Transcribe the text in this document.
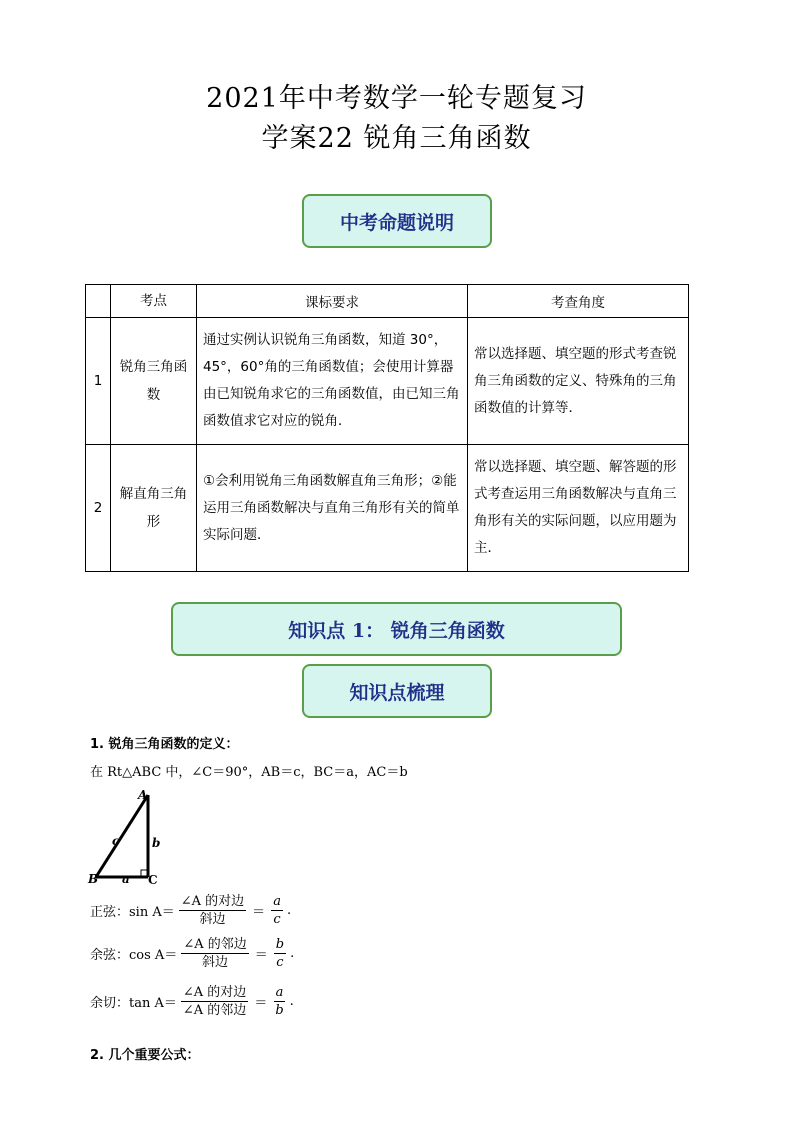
2021年中考数学一轮专题复习
学案22 锐角三角函数
中考命题说明
	考点	课标要求	考查角度
1	锐角三角函数	通过实例认识锐角三角函数，知道 30°，45°，60°角的三角函数值；会使用计算器由已知锐角求它的三角函数值，由已知三角函数值求它对应的锐角．	常以选择题、填空题的形式考查锐角三角函数的定义、特殊角的三角函数值的计算等．
2	解直角三角形	①会利用锐角三角函数解直角三角形；②能运用三角函数解决与直角三角形有关的简单实际问题．	常以选择题、填空题、解答题的形式考查运用三角函数解决与直角三角形有关的实际问题，以应用题为主．
知识点 1： 锐角三角函数
知识点梳理
1. 锐角三角函数的定义：
在 Rt△ABC 中，∠C＝90°，AB＝c，BC＝a，AC＝b
A
B	C
a
b
c
正弦： $\sin A= \frac{\text{∠A 的对边}}{\text{斜边}} = \frac{a}{c}$ .
余弦： $\cos A= \frac{\text{∠A 的邻边}}{\text{斜边}} = \frac{b}{c}$ .
余切： $\tan A= \frac{\text{∠A 的对边}}{\text{∠A 的邻边}} = \frac{a}{b}$ .
2. 几个重要公式：
